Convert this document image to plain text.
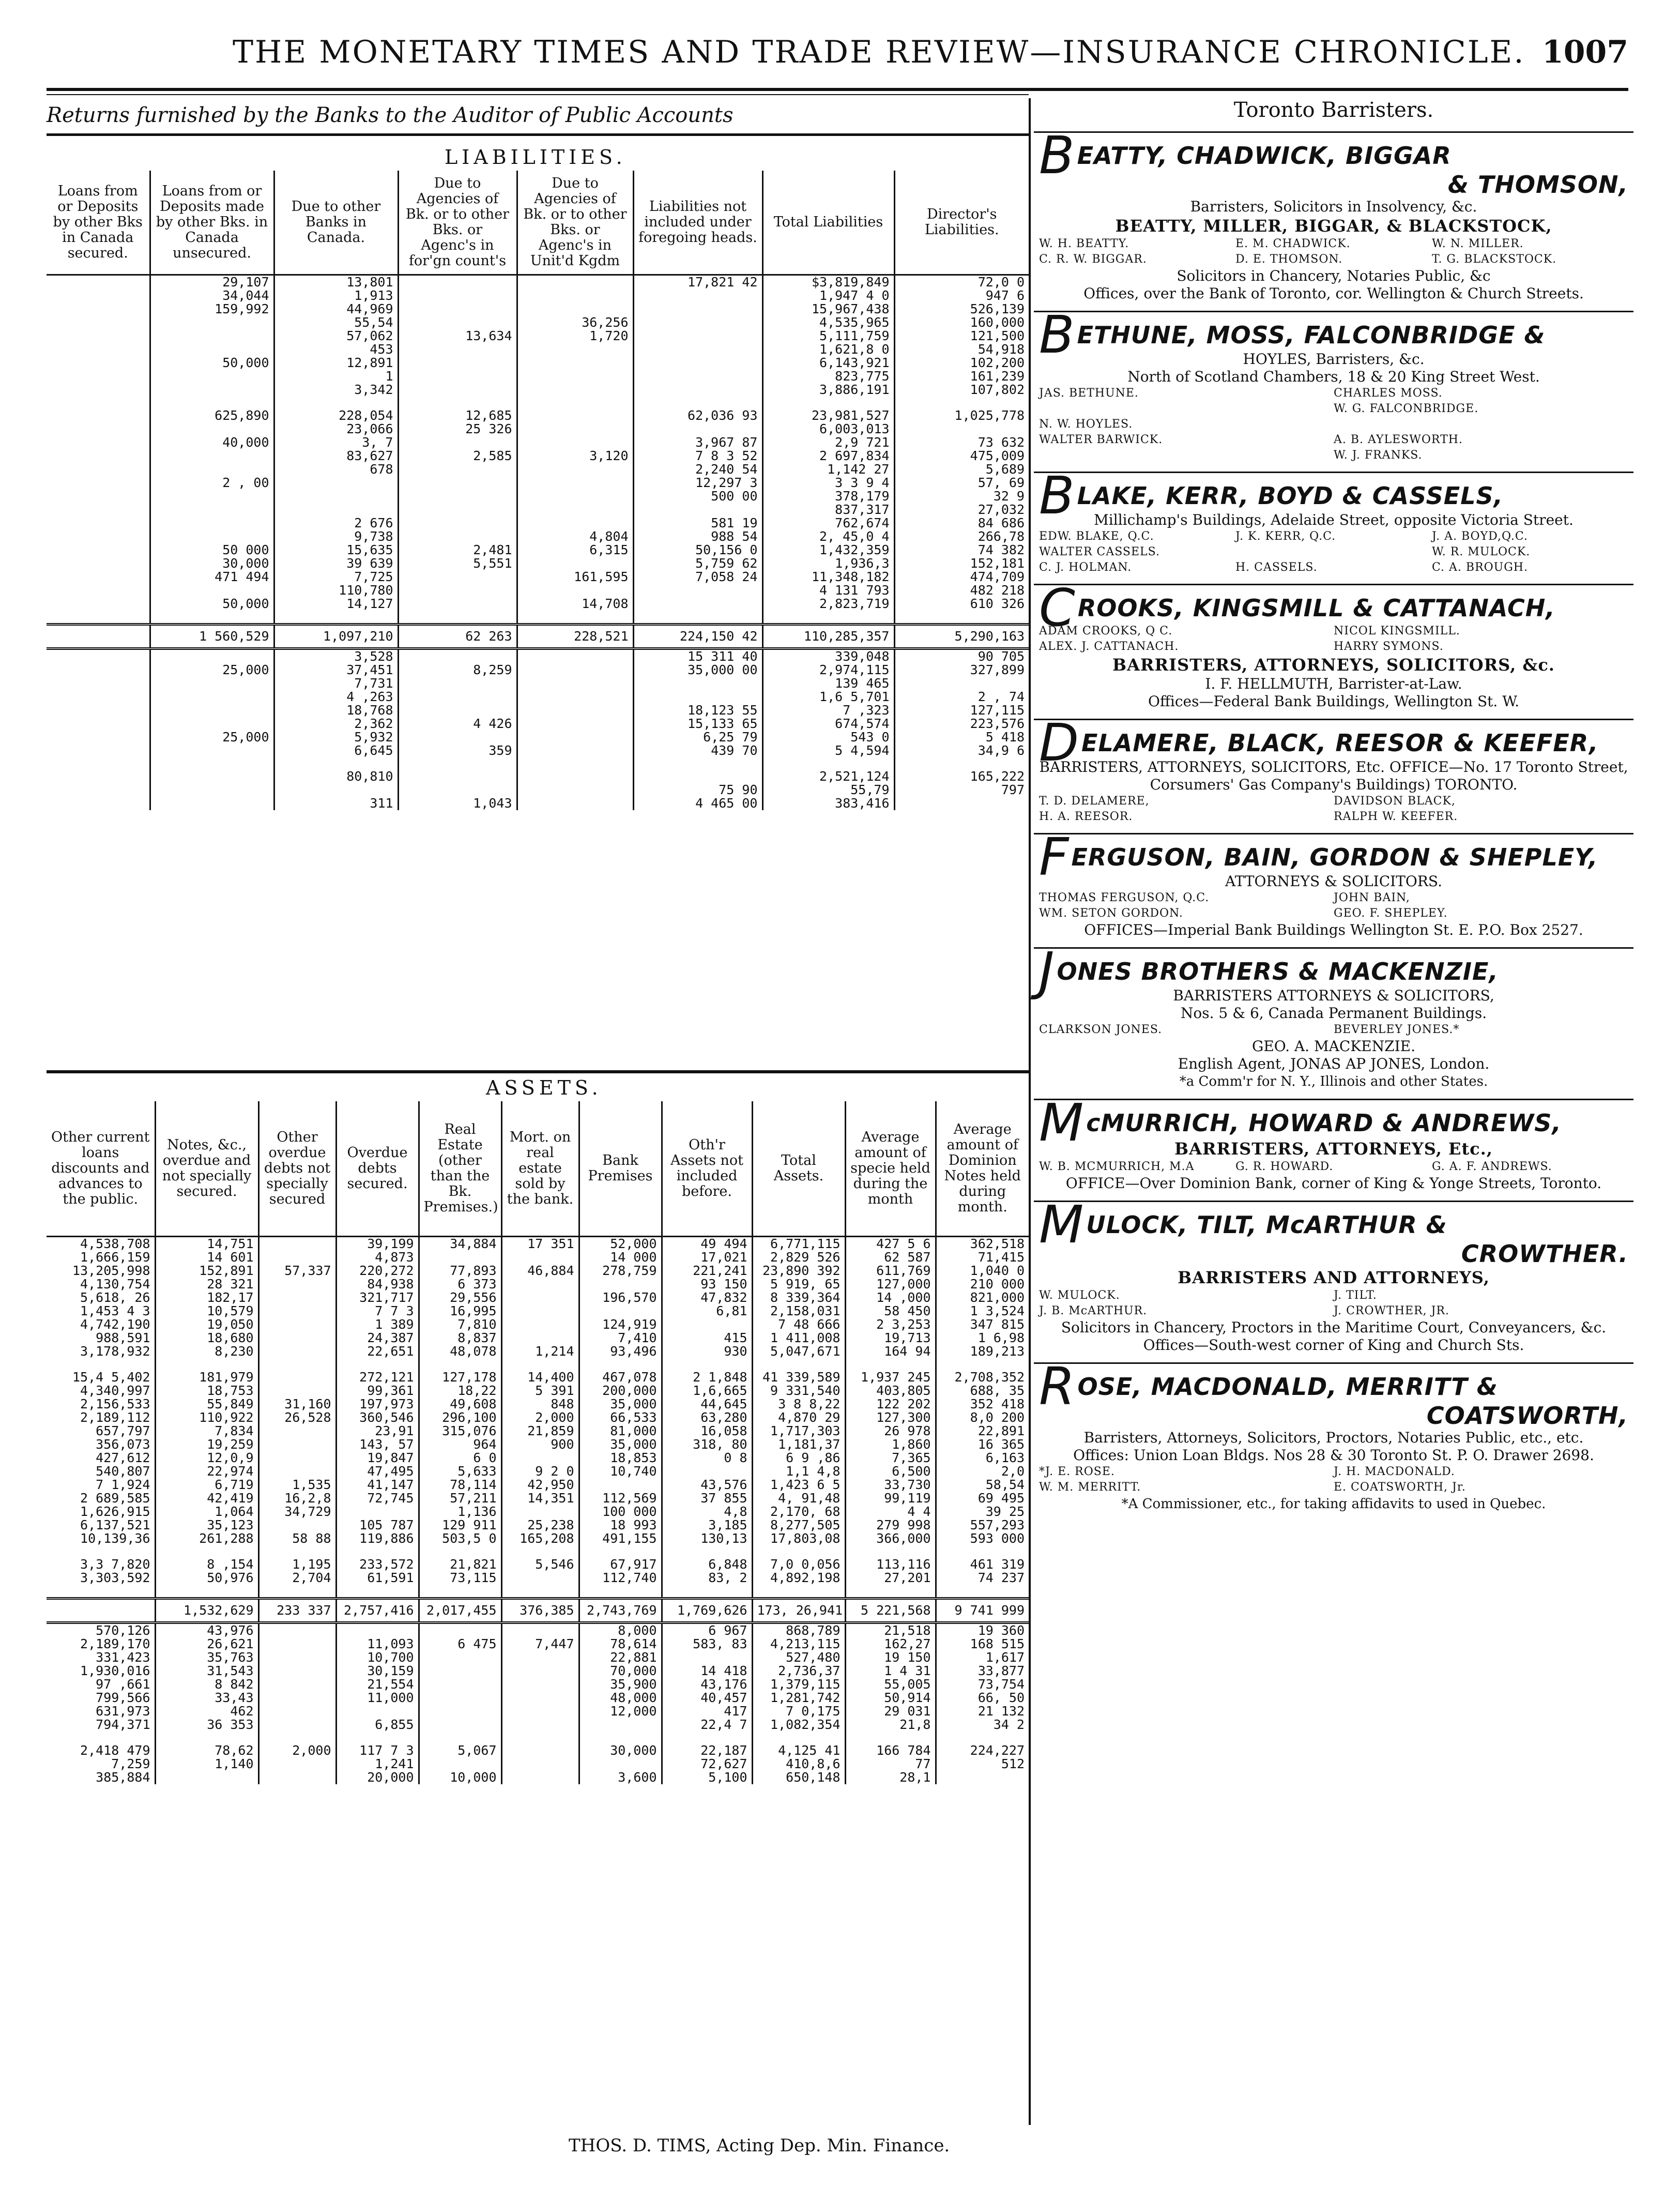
THE MONETARY TIMES AND TRADE REVIEW—INSURANCE CHRONICLE. 1007
Returns furnished by the Banks to the Auditor of Public Accounts
LIABILITIES.
Loans from or Deposits by other Bks in Canada secured.	Loans from or Deposits made by other Bks. in Canada unsecured.	Due to other Banks in Canada.	Due to Agencies of Bk. or to other Bks. or Agenc's in for'gn count's	Due to Agencies of Bk. or to other Bks. or Agenc's in Unit'd Kgdm	Liabilities not included under foregoing heads.	Total Liabilities	Director's Liabilities.
	29,107	13,801			17,821 42	$3,819,849	72,0 0
	34,044	1,913				1,947 4 0	947 6
	159,992	44,969				15,967,438	526,139
		55,54		36,256		4,535,965	160,000
		57,062	13,634	1,720		5,111,759	121,500
		453				1,621,8 0	54,918
	50,000	12,891				6,143,921	102,200
		1				823,775	161,239
		3,342				3,886,191	107,802

	625,890	228,054	12,685		62,036 93	23,981,527	1,025,778
		23,066	25 326			6,003,013	
	40,000	3, 7			3,967 87	2,9 721	73 632
		83,627	2,585	3,120	7 8 3 52	2 697,834	475,009
		678			2,240 54	1,142 27	5,689
	2 , 00				12,297 3	3 3 9 4	57, 69
					500 00	378,179	32 9
						837,317	27,032
		2 676			581 19	762,674	84 686
		9,738		4,804	988 54	2, 45,0 4	266,78
	50 000	15,635	2,481	6,315	50,156 0	1,432,359	74 382
	30,000	39 639	5,551		5,759 62	1,936,3	152,181
	471 494	7,725		161,595	7,058 24	11,348,182	474,709
		110,780				4 131 793	482 218
	50,000	14,127		14,708		2,823,719	610 326

	1 560,529	1,097,210	62 263	228,521	224,150 42	110,285,357	5,290,163
		3,528			15 311 40	339,048	90 705
	25,000	37,451	8,259		35,000 00	2,974,115	327,899
		7,731				139 465	
		4 ,263				1,6 5,701	2 , 74
		18,768			18,123 55	7 ,323	127,115
		2,362	4 426		15,133 65	674,574	223,576
	25,000	5,932			6,25 79	543 0	5 418
		6,645	359		439 70	5 4,594	34,9 6

		80,810				2,521,124	165,222
					75 90	55,79	797
		311	1,043		4 465 00	383,416	
ASSETS.
Other current loans discounts and advances to the public.	Notes, &c., overdue and not specially secured.	Other overdue debts not specially secured	Overdue debts secured.	Real Estate (other than the Bk. Premises.)	Mort. on real estate sold by the bank.	Bank Premises	Oth'r Assets not included before.	Total Assets.	Average amount of specie held during the month	Average amount of Dominion Notes held during month.
4,538,708	14,751		39,199	34,884	17 351	52,000	49 494	6,771,115	427 5 6	362,518
1,666,159	14 601		4,873			14 000	17,021	2,829 526	62 587	71,415
13,205,998	152,891	57,337	220,272	77,893	46,884	278,759	221,241	23,890 392	611,769	1,040 0
4,130,754	28 321		84,938	6 373			93 150	5 919, 65	127,000	210 000
5,618, 26	182,17		321,717	29,556		196,570	47,832	8 339,364	14 ,000	821,000
1,453 4 3	10,579		7 7 3	16,995			6,81	2,158,031	58 450	1 3,524
4,742,190	19,050		1 389	7,810		124,919		7 48 666	2 3,253	347 815
988,591	18,680		24,387	8,837		7,410	415	1 411,008	19,713	1 6,98
3,178,932	8,230		22,651	48,078	1,214	93,496	930	5,047,671	164 94	189,213

15,4 5,402	181,979		272,121	127,178	14,400	467,078	2 1,848	41 339,589	1,937 245	2,708,352
4,340,997	18,753		99,361	18,22	5 391	200,000	1,6,665	9 331,540	403,805	688, 35
2,156,533	55,849	31,160	197,973	49,608	848	35,000	44,645	3 8 8,22	122 202	352 418
2,189,112	110,922	26,528	360,546	296,100	2,000	66,533	63,280	4,870 29	127,300	8,0 200
657,797	7,834		23,91	315,076	21,859	81,000	16,058	1,717,303	26 978	22,891
356,073	19,259		143, 57	964	900	35,000	318, 80	1,181,37	1,860	16 365
427,612	12,0,9		19,847	6 0		18,853	0 8	6 9 ,86	7,365	6,163
540,807	22,974		47,495	5,633	9 2 0	10,740		1,1 4,8	6,500	2,0
7 1,924	6,719	1,535	41,147	78,114	42,950		43,576	1,423 6 5	33,730	58,54
2 689,585	42,419	16,2,8	72,745	57,211	14,351	112,569	37 855	4, 91,48	99,119	69 495
1,626,915	1,064	34,729		1,136		100 000	4,8	2,170, 68	4 4	39 25
6,137,521	35,123		105 787	129 911	25,238	18 993	3,185	8,277,505	279 998	557,293
10,139,36	261,288	58 88	119,886	503,5 0	165,208	491,155	130,13	17,803,08	366,000	593 000

3,3 7,820	8 ,154	1,195	233,572	21,821	5,546	67,917	6,848	7,0 0,056	113,116	461 319
3,303,592	50,976	2,704	61,591	73,115		112,740	83, 2	4,892,198	27,201	74 237

	1,532,629	233 337	2,757,416	2,017,455	376,385	2,743,769	1,769,626	173, 26,941	5 221,568	9 741 999
570,126	43,976					8,000	6 967	868,789	21,518	19 360
2,189,170	26,621		11,093	6 475	7,447	78,614	583, 83	4,213,115	162,27	168 515
331,423	35,763		10,700			22,881		527,480	19 150	1,617
1,930,016	31,543		30,159			70,000	14 418	2,736,37	1 4 31	33,877
97 ,661	8 842		21,554			35,900	43,176	1,379,115	55,005	73,754
799,566	33,43		11,000			48,000	40,457	1,281,742	50,914	66, 50
631,973	462					12,000	417	7 0,175	29 031	21 132
794,371	36 353		6,855				22,4 7	1,082,354	21,8	34 2

2,418 479	78,62	2,000	117 7 3	5,067		30,000	22,187	4,125 41	166 784	224,227
7,259	1,140		1,241				72,627	410,8,6	77	512
385,884			20,000	10,000		3,600	5,100	650,148	28,1	
Toronto Barristers.
BEATTY, CHADWICK, BIGGAR
& THOMSON,
Barristers, Solicitors in Insolvency, &c.
BEATTY, MILLER, BIGGAR, & BLACKSTOCK,
W. H. BEATTY.	E. M. CHADWICK.	W. N. MILLER.
C. R. W. BIGGAR.	D. E. THOMSON.	T. G. BLACKSTOCK.
Solicitors in Chancery, Notaries Public, &c
Offices, over the Bank of Toronto, cor. Wellington & Church Streets.
BETHUNE, MOSS, FALCONBRIDGE &
HOYLES, Barristers, &c.
North of Scotland Chambers, 18 & 20 King Street West.
JAS. BETHUNE.	CHARLES MOSS.
W. G. FALCONBRIDGE.
N. W. HOYLES.
WALTER BARWICK.	A. B. AYLESWORTH.
W. J. FRANKS.
BLAKE, KERR, BOYD & CASSELS,
Millichamp's Buildings, Adelaide Street, opposite Victoria Street.
EDW. BLAKE, Q.C.	J. K. KERR, Q.C.	J. A. BOYD,Q.C.
WALTER CASSELS.	W. R. MULOCK.
C. J. HOLMAN.	H. CASSELS.	C. A. BROUGH.
CROOKS, KINGSMILL & CATTANACH,
ADAM CROOKS, Q C.	NICOL KINGSMILL.
ALEX. J. CATTANACH.	HARRY SYMONS.
BARRISTERS, ATTORNEYS, SOLICITORS, &c.
I. F. HELLMUTH, Barrister-at-Law.
Offices—Federal Bank Buildings, Wellington St. W.
DELAMERE, BLACK, REESOR & KEEFER,
BARRISTERS, ATTORNEYS, SOLICITORS, Etc. OFFICE—No. 17 Toronto Street, Corsumers' Gas Company's Buildings) TORONTO.
T. D. DELAMERE,	DAVIDSON BLACK,
H. A. REESOR.	RALPH W. KEEFER.
FERGUSON, BAIN, GORDON & SHEPLEY,
ATTORNEYS & SOLICITORS.
THOMAS FERGUSON, Q.C.	JOHN BAIN,
WM. SETON GORDON.	GEO. F. SHEPLEY.
OFFICES—Imperial Bank Buildings Wellington St. E. P.O. Box 2527.
JONES BROTHERS & MACKENZIE,
BARRISTERS ATTORNEYS & SOLICITORS,
Nos. 5 & 6, Canada Permanent Buildings.
CLARKSON JONES.	BEVERLEY JONES.*
GEO. A. MACKENZIE.
English Agent, JONAS AP JONES, London.
*a Comm'r for N. Y., Illinois and other States.
McMURRICH, HOWARD & ANDREWS,
BARRISTERS, ATTORNEYS, Etc.,
W. B. MCMURRICH, M.A	G. R. HOWARD.	G. A. F. ANDREWS.
OFFICE—Over Dominion Bank, corner of King & Yonge Streets, Toronto.
MULOCK, TILT, McARTHUR &
CROWTHER.
BARRISTERS AND ATTORNEYS,
W. MULOCK.	J. TILT.
J. B. McARTHUR.	J. CROWTHER, JR.
Solicitors in Chancery, Proctors in the Maritime Court, Conveyancers, &c.
Offices—South-west corner of King and Church Sts.
ROSE, MACDONALD, MERRITT &
COATSWORTH,
Barristers, Attorneys, Solicitors, Proctors, Notaries Public, etc., etc.
Offices: Union Loan Bldgs. Nos 28 & 30 Toronto St. P. O. Drawer 2698.
*J. E. ROSE.	J. H. MACDONALD.
W. M. MERRITT.	E. COATSWORTH, Jr.
*A Commissioner, etc., for taking affidavits to used in Quebec.
THOS. D. TIMS, Acting Dep. Min. Finance.
